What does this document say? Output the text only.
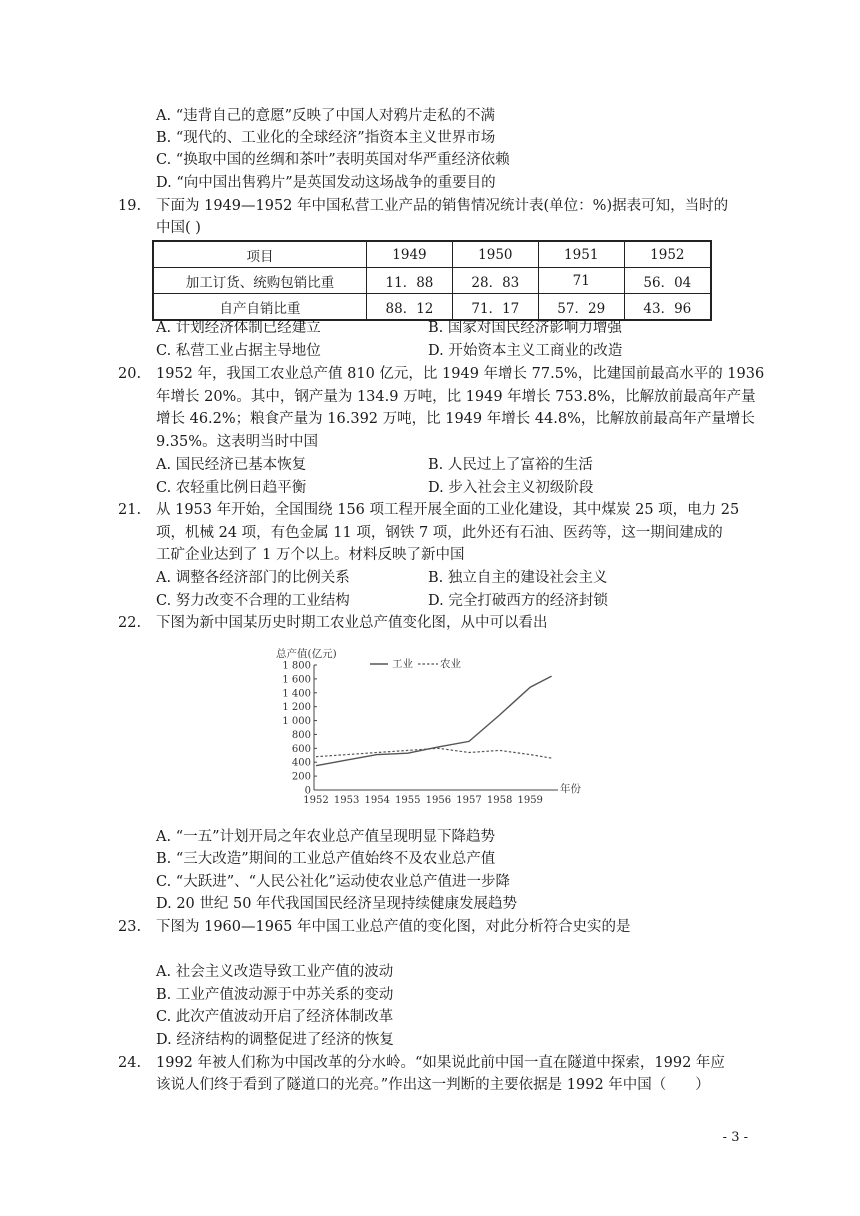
A. “违背自己的意愿”反映了中国人对鸦片走私的不满
B. “现代的、工业化的全球经济”指资本主义世界市场
C. “换取中国的丝绸和茶叶”表明英国对华严重经济依赖
D. “向中国出售鸦片”是英国发动这场战争的重要目的
19. 下面为 1949—1952 年中国私营工业产品的销售情况统计表(单位：%)据表可知，当时的
中国( )
项目	1949	1950	1951	1952
加工订货、统购包销比重	11．88	28．83	71	56．04
自产自销比重	88．12	71．17	57．29	43．96
A. 计划经济体制已经建立	B. 国家对国民经济影响力增强
C. 私营工业占据主导地位	D. 开始资本主义工商业的改造
20. 1952 年，我国工农业总产值 810 亿元，比 1949 年增长 77.5%，比建国前最高水平的 1936
年增长 20%。其中，钢产量为 134.9 万吨，比 1949 年增长 753.8%，比解放前最高年产量
增长 46.2%；粮食产量为 16.392 万吨，比 1949 年增长 44.8%，比解放前最高年产量增长
9.35%。这表明当时中国
A. 国民经济已基本恢复	B. 人民过上了富裕的生活
C. 农轻重比例日趋平衡	D. 步入社会主义初级阶段
21. 从 1953 年开始，全国围绕 156 项工程开展全面的工业化建设，其中煤炭 25 项，电力 25
项，机械 24 项，有色金属 11 项，钢铁 7 项，此外还有石油、医药等，这一期间建成的
工矿企业达到了 1 万个以上。材料反映了新中国
A. 调整各经济部门的比例关系	B. 独立自主的建设社会主义
C. 努力改变不合理的工业结构	D. 完全打破西方的经济封锁
22. 下图为新中国某历史时期工农业总产值变化图，从中可以看出
总产值(亿元)
0
200
400
600
800
1 000
1 200
1 400
1 600
1 800
1952 1953 1954 1955 1956 1957 1958 1959
年份
工业	农业
A. “一五”计划开局之年农业总产值呈现明显下降趋势
B. “三大改造”期间的工业总产值始终不及农业总产值
C. “大跃进”、“人民公社化”运动使农业总产值进一步降
D. 20 世纪 50 年代我国国民经济呈现持续健康发展趋势
23. 下图为 1960—1965 年中国工业总产值的变化图，对此分析符合史实的是
A. 社会主义改造导致工业产值的波动
B. 工业产值波动源于中苏关系的变动
C. 此次产值波动开启了经济体制改革
D. 经济结构的调整促进了经济的恢复
24. 1992 年被人们称为中国改革的分水岭。“如果说此前中国一直在隧道中探索，1992 年应
该说人们终于看到了隧道口的光亮。”作出这一判断的主要依据是 1992 年中国（　　）
- 3 -
